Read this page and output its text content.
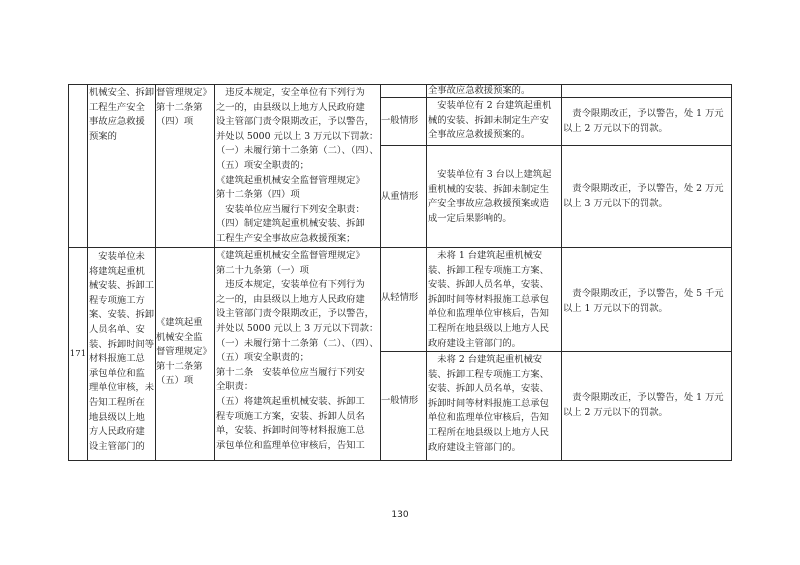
机械安全、拆卸
工程生产安全
事故应急救援
预案的
督管理规定》
第十二条第
（四）项
　违反本规定，安全单位有下列行为
之一的，由县级以上地方人民政府建
设主管部门责令限期改正，予以警告，
并处以 5000 元以上 3 万元以下罚款：
（一）未履行第十二条第（二）、（四）、
（五）项安全职责的；
《建筑起重机械安全监督管理规定》
第十二条第（四）项
　安装单位应当履行下列安全职责：
（四）制定建筑起重机械安装、拆卸
工程生产安全事故应急救援预案；
全事故应急救援预案的。
一般情形
　安装单位有 2 台建筑起重机
械的安装、拆卸未制定生产安
全事故应急救援预案的。
　责令限期改正，予以警告，处 1 万元
以上 2 万元以下的罚款。
从重情形
　安装单位有 3 台以上建筑起
重机械的安装、拆卸未制定生
产安全事故应急救援预案或造
成一定后果影响的。
　责令限期改正，予以警告，处 2 万元
以上 3 万元以下的罚款。
171
　安装单位未
将建筑起重机
械安装、拆卸工
程专项施工方
案、安装、拆卸
人员名单、安
装、拆卸时间等
材料报施工总
承包单位和监
理单位审核，未
告知工程所在
地县级以上地
方人民政府建
设主管部门的
《建筑起重
机械安全监
督管理规定》
第十二条第
（五）项
《建筑起重机械安全监督管理规定》
第二十九条第（一）项
　违反本规定，安装单位有下列行为
之一的，由县级以上地方人民政府建
设主管部门责令限期改正，予以警告，
并处以 5000 元以上 3 万元以下罚款：
（一）未履行第十二条第（二）、（四）、
（五）项安全职责的；
第十二条　安装单位应当履行下列安
全职责：
（五）将建筑起重机械安装、拆卸工
程专项施工方案，安装、拆卸人员名
单，安装、拆卸时间等材料报施工总
承包单位和监理单位审核后，告知工
从轻情形
　未将 1 台建筑起重机械安
装、拆卸工程专项施工方案、
安装、拆卸人员名单，安装、
拆卸时间等材料报施工总承包
单位和监理单位审核后，告知
工程所在地县级以上地方人民
政府建设主管部门的。
　责令限期改正，予以警告，处 5 千元
以上 1 万元以下的罚款。
一般情形
　未将 2 台建筑起重机械安
装、拆卸工程专项施工方案、
安装、拆卸人员名单，安装、
拆卸时间等材料报施工总承包
单位和监理单位审核后，告知
工程所在地县级以上地方人民
政府建设主管部门的。
　责令限期改正，予以警告，处 1 万元
以上 2 万元以下的罚款。
130
